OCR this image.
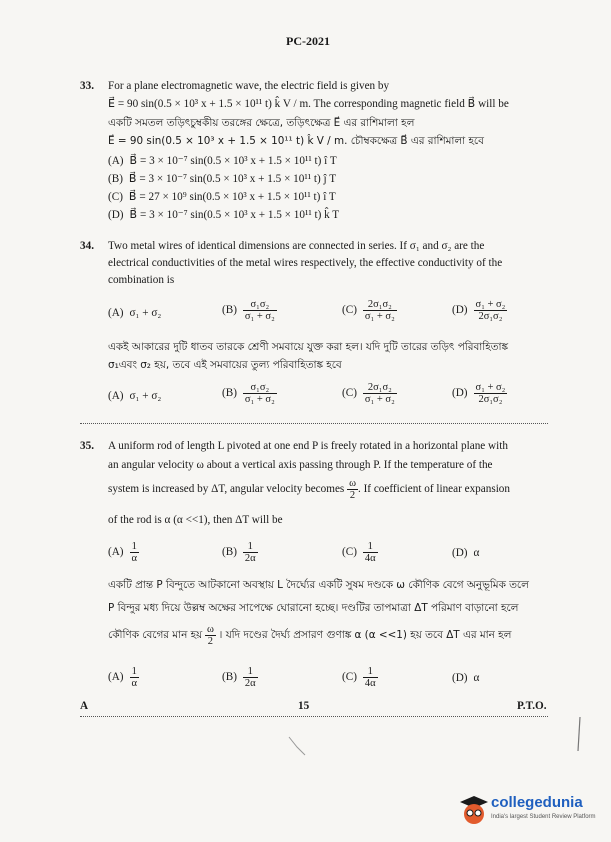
PC-2021
33. For a plane electromagnetic wave, the electric field is given by
E⃗ = 90 sin(0.5 × 10³ x + 1.5 × 10¹¹ t) k̂ V / m. The corresponding magnetic field B⃗ will be
একটি সমতল তড়িৎচুম্বকীয় তরঙ্গের ক্ষেত্রে, তড়িৎক্ষেত্র E⃗ এর রাশিমালা হল
E⃗ = 90 sin(0.5 × 10³ x + 1.5 × 10¹¹ t) k̂ V / m. চৌম্বকক্ষেত্র B⃗ এর রাশিমালা হবে
(A) B⃗ = 3 × 10⁻⁷ sin(0.5 × 10³ x + 1.5 × 10¹¹ t) î T
(B) B⃗ = 3 × 10⁻⁷ sin(0.5 × 10³ x + 1.5 × 10¹¹ t) ĵ T
(C) B⃗ = 27 × 10⁹ sin(0.5 × 10³ x + 1.5 × 10¹¹ t) î T
(D) B⃗ = 3 × 10⁻⁷ sin(0.5 × 10³ x + 1.5 × 10¹¹ t) k̂ T
34. Two metal wires of identical dimensions are connected in series. If σ₁ and σ₂ are the
electrical conductivities of the metal wires respectively, the effective conductivity of the
combination is
(A) σ₁ + σ₂	$(B) \frac{\text{σ₁σ₂}}{\text{σ₁ + σ₂}}$	$(C) \frac{\text{2σ₁σ₂}}{\text{σ₁ + σ₂}}$	$(D) \frac{\text{σ₁ + σ₂}}{\text{2σ₁σ₂}}$
একই আকারের দুটি ধাতব তারকে শ্রেণী সমবায়ে যুক্ত করা হল। যদি দুটি তারের তড়িৎ পরিবাহিতাঙ্ক
σ₁এবং σ₂ হয়, তবে এই সমবায়ের তুল্য পরিবাহিতাঙ্ক হবে
(A) σ₁ + σ₂	$(B) \frac{\text{σ₁σ₂}}{\text{σ₁ + σ₂}}$	$(C) \frac{\text{2σ₁σ₂}}{\text{σ₁ + σ₂}}$	$(D) \frac{\text{σ₁ + σ₂}}{\text{2σ₁σ₂}}$
35. A uniform rod of length L pivoted at one end P is freely rotated in a horizontal plane with
an angular velocity ω about a vertical axis passing through P. If the temperature of the
system is increased by ΔT, angular velocity becomes $\frac{\omega}{2}$ . If coefficient of linear expansion
of the rod is α (α <<1), then ΔT will be
$(A) \frac{1}{\alpha}$	$(B) \frac{1}{2\alpha}$	$(C) \frac{1}{4\alpha}$	(D) α
একটি প্রান্ত P বিন্দুতে আটকানো অবস্থায় L দৈর্ঘ্যের একটি সুষম দণ্ডকে ω কৌণিক বেগে অনুভূমিক তলে
P বিন্দুর মধ্য দিয়ে উল্লম্ব অক্ষের সাপেক্ষে ঘোরানো হচ্ছে। দণ্ডটির তাপমাত্রা ΔT পরিমাণ বাড়ানো হলে
কৌণিক বেগের মান হয় $\frac{\omega}{2}$ । যদি দণ্ডের দৈর্ঘ্য প্রসারণ গুণাঙ্ক α (α <<1) হয় তবে ΔT এর মান হল
$(A) \frac{1}{\alpha}$	$(B) \frac{1}{2\alpha}$	$(C) \frac{1}{4\alpha}$	(D) α
A	15	P.T.O.
collegedunia
India's largest Student Review Platform
